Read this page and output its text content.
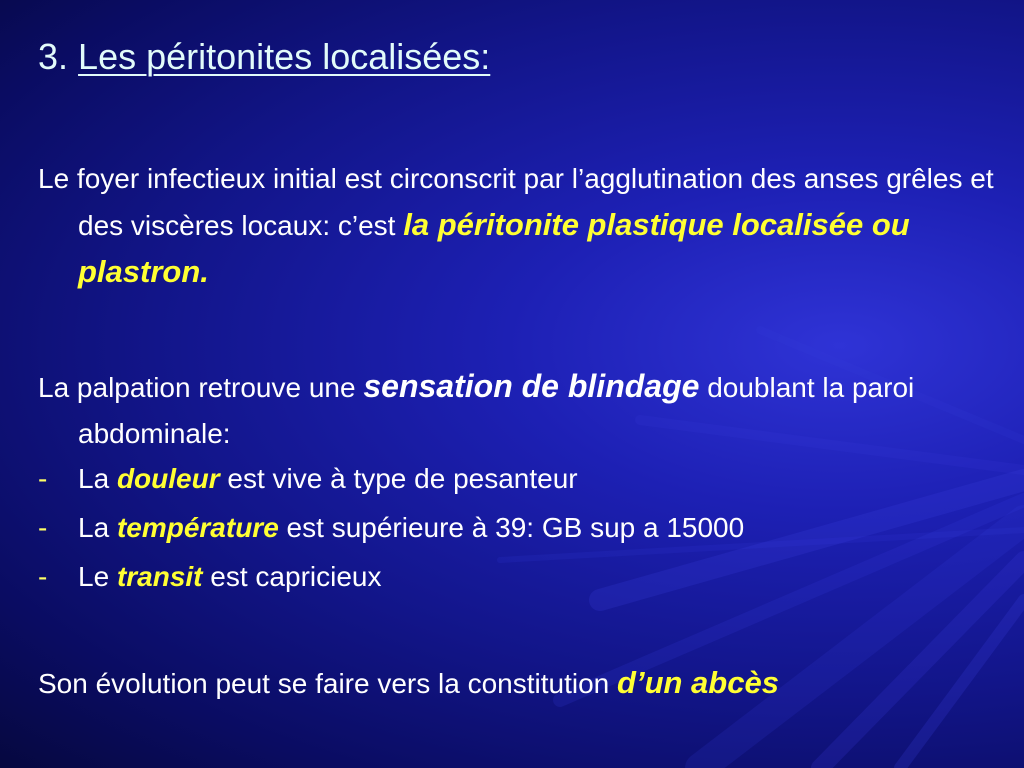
3. Les péritonites localisées:

Le foyer infectieux initial est circonscrit par l’agglutination des anses grêles et des viscères locaux: c’est la péritonite plastique localisée ou plastron.

La palpation retrouve une sensation de blindage doublant la paroi abdominale:

- La douleur est vive à type de pesanteur
- La température est supérieure à 39: GB sup a 15000
- Le transit est capricieux

Son évolution peut se faire vers la constitution d’un abcès
